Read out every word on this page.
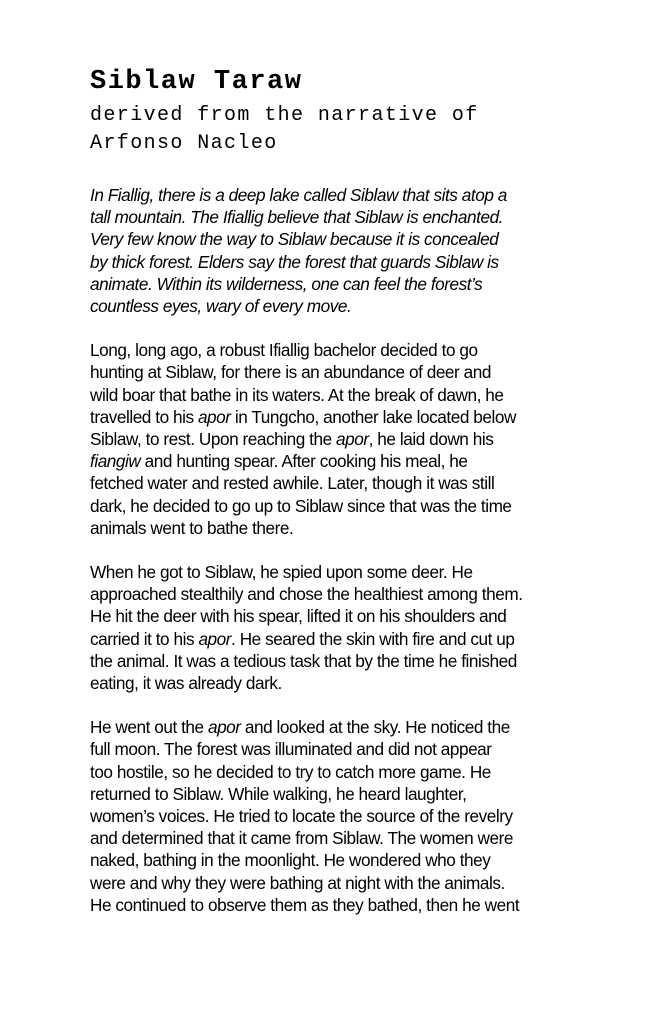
Siblaw Taraw

derived from the narrative of
Arfonso Nacleo

In Fiallig, there is a deep lake called Siblaw that sits atop a
tall mountain. The Ifiallig believe that Siblaw is enchanted.
Very few know the way to Siblaw because it is concealed
by thick forest. Elders say the forest that guards Siblaw is
animate. Within its wilderness, one can feel the forest’s
countless eyes, wary of every move.

Long, long ago, a robust Ifiallig bachelor decided to go
hunting at Siblaw, for there is an abundance of deer and
wild boar that bathe in its waters. At the break of dawn, he
travelled to his apor in Tungcho, another lake located below
Siblaw, to rest. Upon reaching the apor, he laid down his
fiangiw and hunting spear. After cooking his meal, he
fetched water and rested awhile. Later, though it was still
dark, he decided to go up to Siblaw since that was the time
animals went to bathe there.

When he got to Siblaw, he spied upon some deer. He
approached stealthily and chose the healthiest among them.
He hit the deer with his spear, lifted it on his shoulders and
carried it to his apor. He seared the skin with fire and cut up
the animal. It was a tedious task that by the time he finished
eating, it was already dark.

He went out the apor and looked at the sky. He noticed the
full moon. The forest was illuminated and did not appear
too hostile, so he decided to try to catch more game. He
returned to Siblaw. While walking, he heard laughter,
women’s voices. He tried to locate the source of the revelry
and determined that it came from Siblaw. The women were
naked, bathing in the moonlight. He wondered who they
were and why they were bathing at night with the animals.
He continued to observe them as they bathed, then he went
